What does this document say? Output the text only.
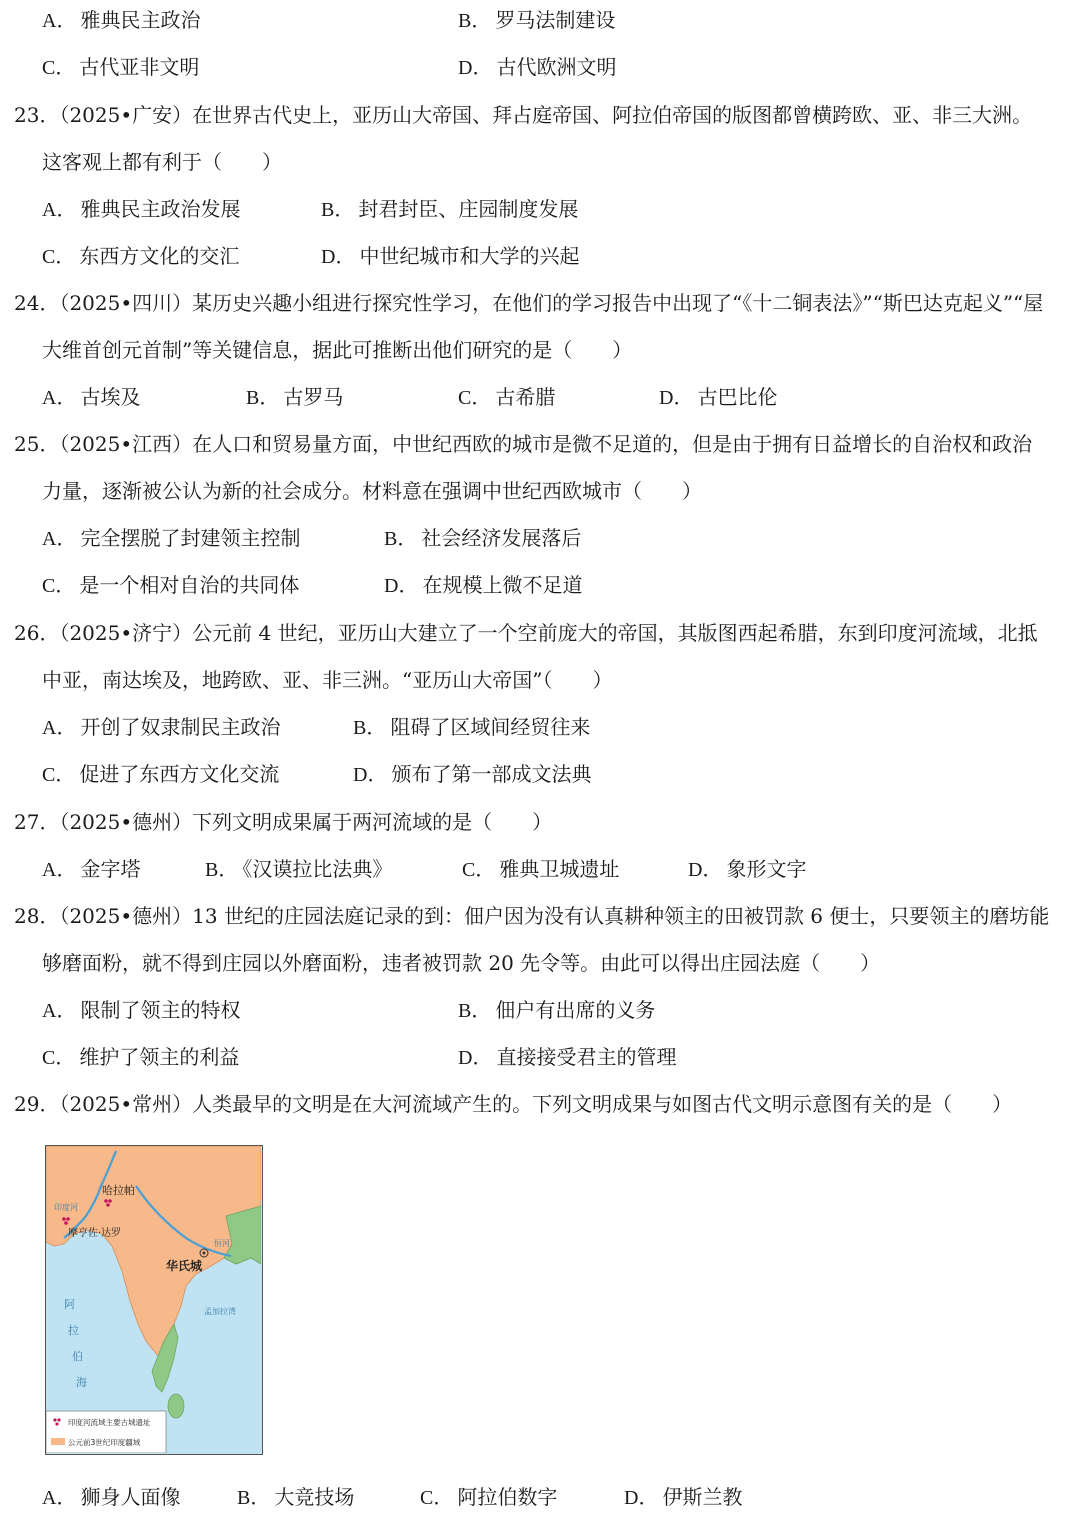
A． 雅典民主政治	B． 罗马法制建设
C． 古代亚非文明	D． 古代欧洲文明
23．（2025•广安）在世界古代史上，亚历山大帝国、拜占庭帝国、阿拉伯帝国的版图都曾横跨欧、亚、非三大洲。
这客观上都有利于（　　）
A． 雅典民主政治发展	B． 封君封臣、庄园制度发展
C． 东西方文化的交汇	D． 中世纪城市和大学的兴起
24．（2025•四川）某历史兴趣小组进行探究性学习，在他们的学习报告中出现了“《十二铜表法》”“斯巴达克起义”“屋
大维首创元首制”等关键信息，据此可推断出他们研究的是（　　）
A． 古埃及	B． 古罗马	C． 古希腊	D． 古巴比伦
25．（2025•江西）在人口和贸易量方面，中世纪西欧的城市是微不足道的，但是由于拥有日益增长的自治权和政治
力量，逐渐被公认为新的社会成分。材料意在强调中世纪西欧城市（　　）
A． 完全摆脱了封建领主控制	B． 社会经济发展落后
C． 是一个相对自治的共同体	D． 在规模上微不足道
26．（2025•济宁）公元前 4 世纪，亚历山大建立了一个空前庞大的帝国，其版图西起希腊，东到印度河流域，北抵
中亚，南达埃及，地跨欧、亚、非三洲。“亚历山大帝国”（　　）
A． 开创了奴隶制民主政治	B． 阻碍了区域间经贸往来
C． 促进了东西方文化交流	D． 颁布了第一部成文法典
27．（2025•德州）下列文明成果属于两河流域的是（　　）
A． 金字塔	B． 《汉谟拉比法典》	C． 雅典卫城遗址	D． 象形文字
28．（2025•德州）13 世纪的庄园法庭记录的到：佃户因为没有认真耕种领主的田被罚款 6 便士，只要领主的磨坊能
够磨面粉，就不得到庄园以外磨面粉，违者被罚款 20 先令等。由此可以得出庄园法庭（　　）
A． 限制了领主的特权	B． 佃户有出席的义务
C． 维护了领主的利益	D． 直接接受君主的管理
29．（2025•常州）人类最早的文明是在大河流域产生的。下列文明成果与如图古代文明示意图有关的是（　　）
哈拉帕
摩亨佐·达罗
华氏城
孟加拉湾
阿
拉
伯
海
印度河
恒河
印度河流域主要古城遗址
公元前3世纪印度疆域
A． 狮身人面像	B． 大竞技场	C． 阿拉伯数字	D． 伊斯兰教
